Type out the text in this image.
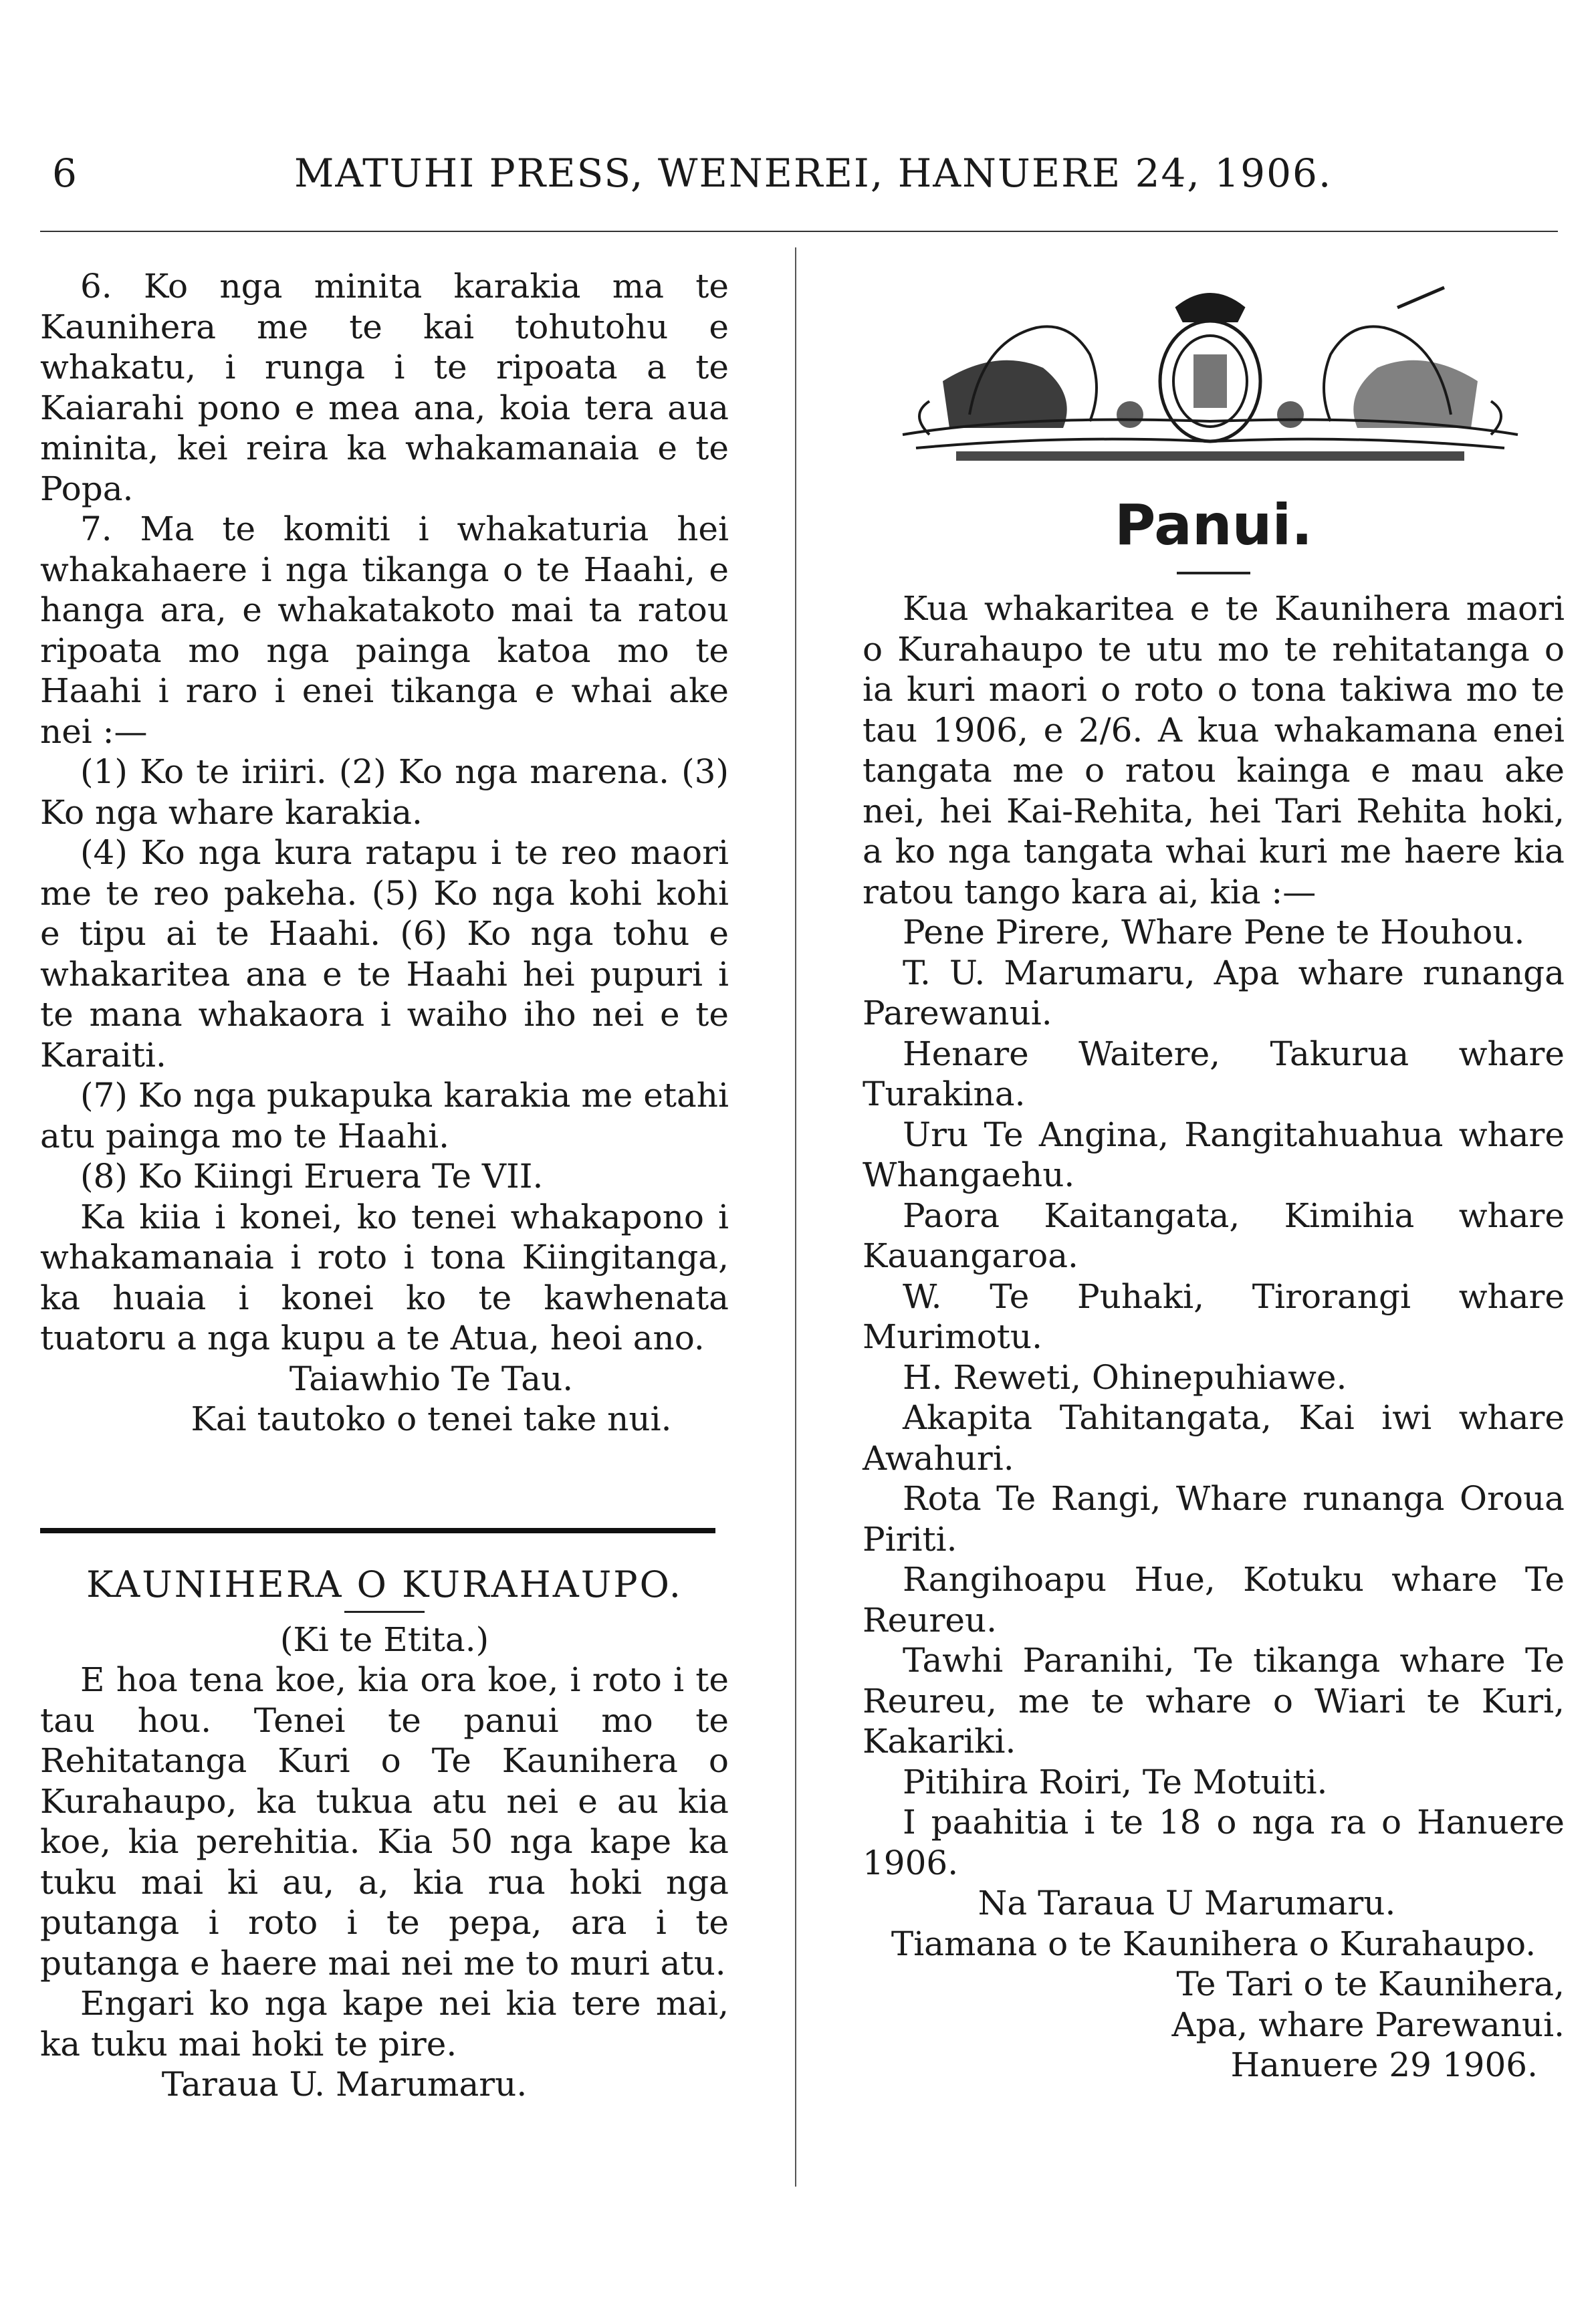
6	MATUHI PRESS, WENEREI, HANUERE 24, 1906.

6. Ko nga minita karakia ma te Kaunihera me te kai tohutohu e whakatu, i runga i te ripoata a te Kaiarahi pono e mea ana, koia tera aua minita, kei reira ka whakamanaia e te Popa.

7. Ma te komiti i whakaturia hei whakahaere i nga tikanga o te Haahi, e hanga ara, e whakatakoto mai ta ratou ripoata mo nga painga katoa mo te Haahi i raro i enei tikanga e whai ake nei :—

(1) Ko te iriiri. (2) Ko nga marena. (3) Ko nga whare karakia.

(4) Ko nga kura ratapu i te reo maori me te reo pakeha. (5) Ko nga kohi kohi e tipu ai te Haahi. (6) Ko nga tohu e whakaritea ana e te Haahi hei pupuri i te mana whakaora i waiho iho nei e te Karaiti.

(7) Ko nga pukapuka karakia me etahi atu painga mo te Haahi.

(8) Ko Kiingi Eruera Te VII.

Ka kiia i konei, ko tenei whakapono i whakamanaia i roto i tona Kiingitanga, ka huaia i konei ko te kawhenata tuatoru a nga kupu a te Atua, heoi ano.

Taiawhio Te Tau.

Kai tautoko o tenei take nui.

KAUNIHERA O KURAHAUPO.

(Ki te Etita.)

E hoa tena koe, kia ora koe, i roto i te tau hou. Tenei te panui mo te Rehitatanga Kuri o Te Kaunihera o Kurahaupo, ka tukua atu nei e au kia koe, kia perehitia. Kia 50 nga kape ka tuku mai ki au, a, kia rua hoki nga putanga i roto i te pepa, ara i te putanga e haere mai nei me to muri atu.

Engari ko nga kape nei kia tere mai, ka tuku mai hoki te pire.

Taraua U. Marumaru.

Panui.

Kua whakaritea e te Kaunihera maori o Kurahaupo te utu mo te rehitatanga o ia kuri maori o roto o tona takiwa mo te tau 1906, e 2/6. A kua whakamana enei tangata me o ratou kainga e mau ake nei, hei Kai-Rehita, hei Tari Rehita hoki, a ko nga tangata whai kuri me haere kia ratou tango kara ai, kia :—

Pene Pirere, Whare Pene te Houhou.

T. U. Marumaru, Apa whare runanga Parewanui.

Henare Waitere, Takurua whare Turakina.

Uru Te Angina, Rangitahuahua whare Whangaehu.

Paora Kaitangata, Kimihia whare Kauangaroa.

W. Te Puhaki, Tirorangi whare Murimotu.

H. Reweti, Ohinepuhiawe.

Akapita Tahitangata, Kai iwi whare Awahuri.

Rota Te Rangi, Whare runanga Oroua Piriti.

Rangihoapu Hue, Kotuku whare Te Reureu.

Tawhi Paranihi, Te tikanga whare Te Reureu, me te whare o Wiari te Kuri, Kakariki.

Pitihira Roiri, Te Motuiti.

I paahitia i te 18 o nga ra o Hanuere 1906.

Na Taraua U Marumaru.

Tiamana o te Kaunihera o Kurahaupo.

Te Tari o te Kaunihera,

Apa, whare Parewanui.

Hanuere 29 1906.
